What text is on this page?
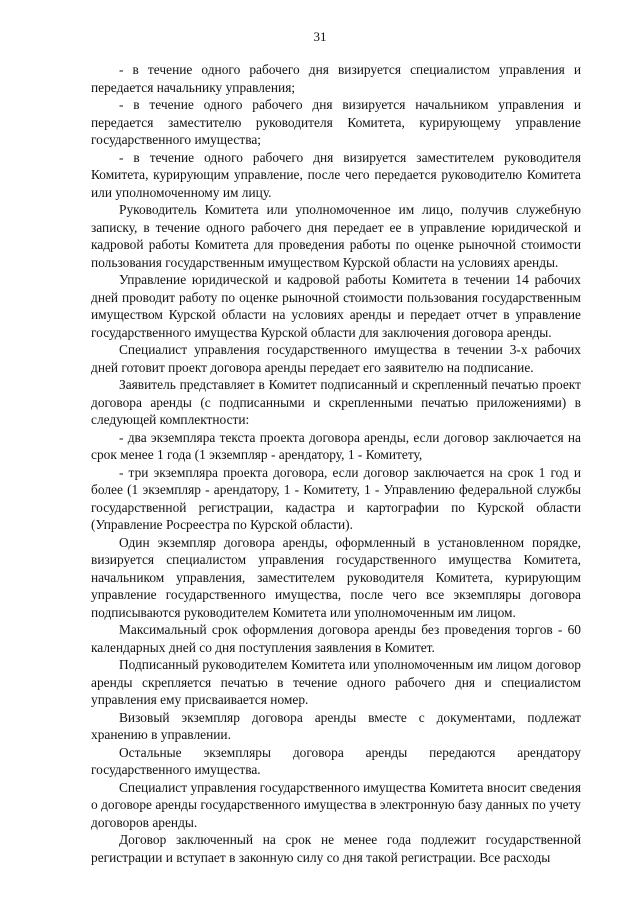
31

- в течение одного рабочего дня визируется специалистом управления и передается начальнику управления;

- в течение одного рабочего дня визируется начальником управления и передается заместителю руководителя Комитета, курирующему управление государственного имущества;

- в течение одного рабочего дня визируется заместителем руководителя Комитета, курирующим управление, после чего передается руководителю Комитета или уполномоченному им лицу.

Руководитель Комитета или уполномоченное им лицо, получив служебную записку, в течение одного рабочего дня передает ее в управление юридической и кадровой работы Комитета для проведения работы по оценке рыночной стоимости пользования государственным имуществом Курской области на условиях аренды.

Управление юридической и кадровой работы Комитета в течении 14 рабочих дней проводит работу по оценке рыночной стоимости пользования государственным имуществом Курской области на условиях аренды и передает отчет в управление государственного имущества Курской области для заключения договора аренды.

Специалист управления государственного имущества в течении 3-х рабочих дней готовит проект договора аренды передает его заявителю на подписание.

Заявитель представляет в Комитет подписанный и скрепленный печатью проект договора аренды (с подписанными и скрепленными печатью приложениями) в следующей комплектности:

- два экземпляра текста проекта договора аренды, если договор заключается на срок менее 1 года (1 экземпляр - арендатору, 1 - Комитету,

- три экземпляра проекта договора, если договор заключается на срок 1 год и более (1 экземпляр - арендатору, 1 - Комитету, 1 - Управлению федеральной службы государственной регистрации, кадастра и картографии по Курской области (Управление Росреестра по Курской области).

Один экземпляр договора аренды, оформленный в установленном порядке, визируется специалистом управления государственного имущества Комитета, начальником управления, заместителем руководителя Комитета, курирующим управление государственного имущества, после чего все экземпляры договора подписываются руководителем Комитета или уполномоченным им лицом.

Максимальный срок оформления договора аренды без проведения торгов - 60 календарных дней со дня поступления заявления в Комитет.

Подписанный руководителем Комитета или уполномоченным им лицом договор аренды скрепляется печатью в течение одного рабочего дня и специалистом управления ему присваивается номер.

Визовый экземпляр договора аренды вместе с документами, подлежат хранению в управлении.

Остальные экземпляры договора аренды передаются арендатору государственного имущества.

Специалист управления государственного имущества Комитета вносит сведения о договоре аренды государственного имущества в электронную базу данных по учету договоров аренды.

Договор заключенный на срок не менее года подлежит государственной регистрации и вступает в законную силу со дня такой регистрации. Все расходы
